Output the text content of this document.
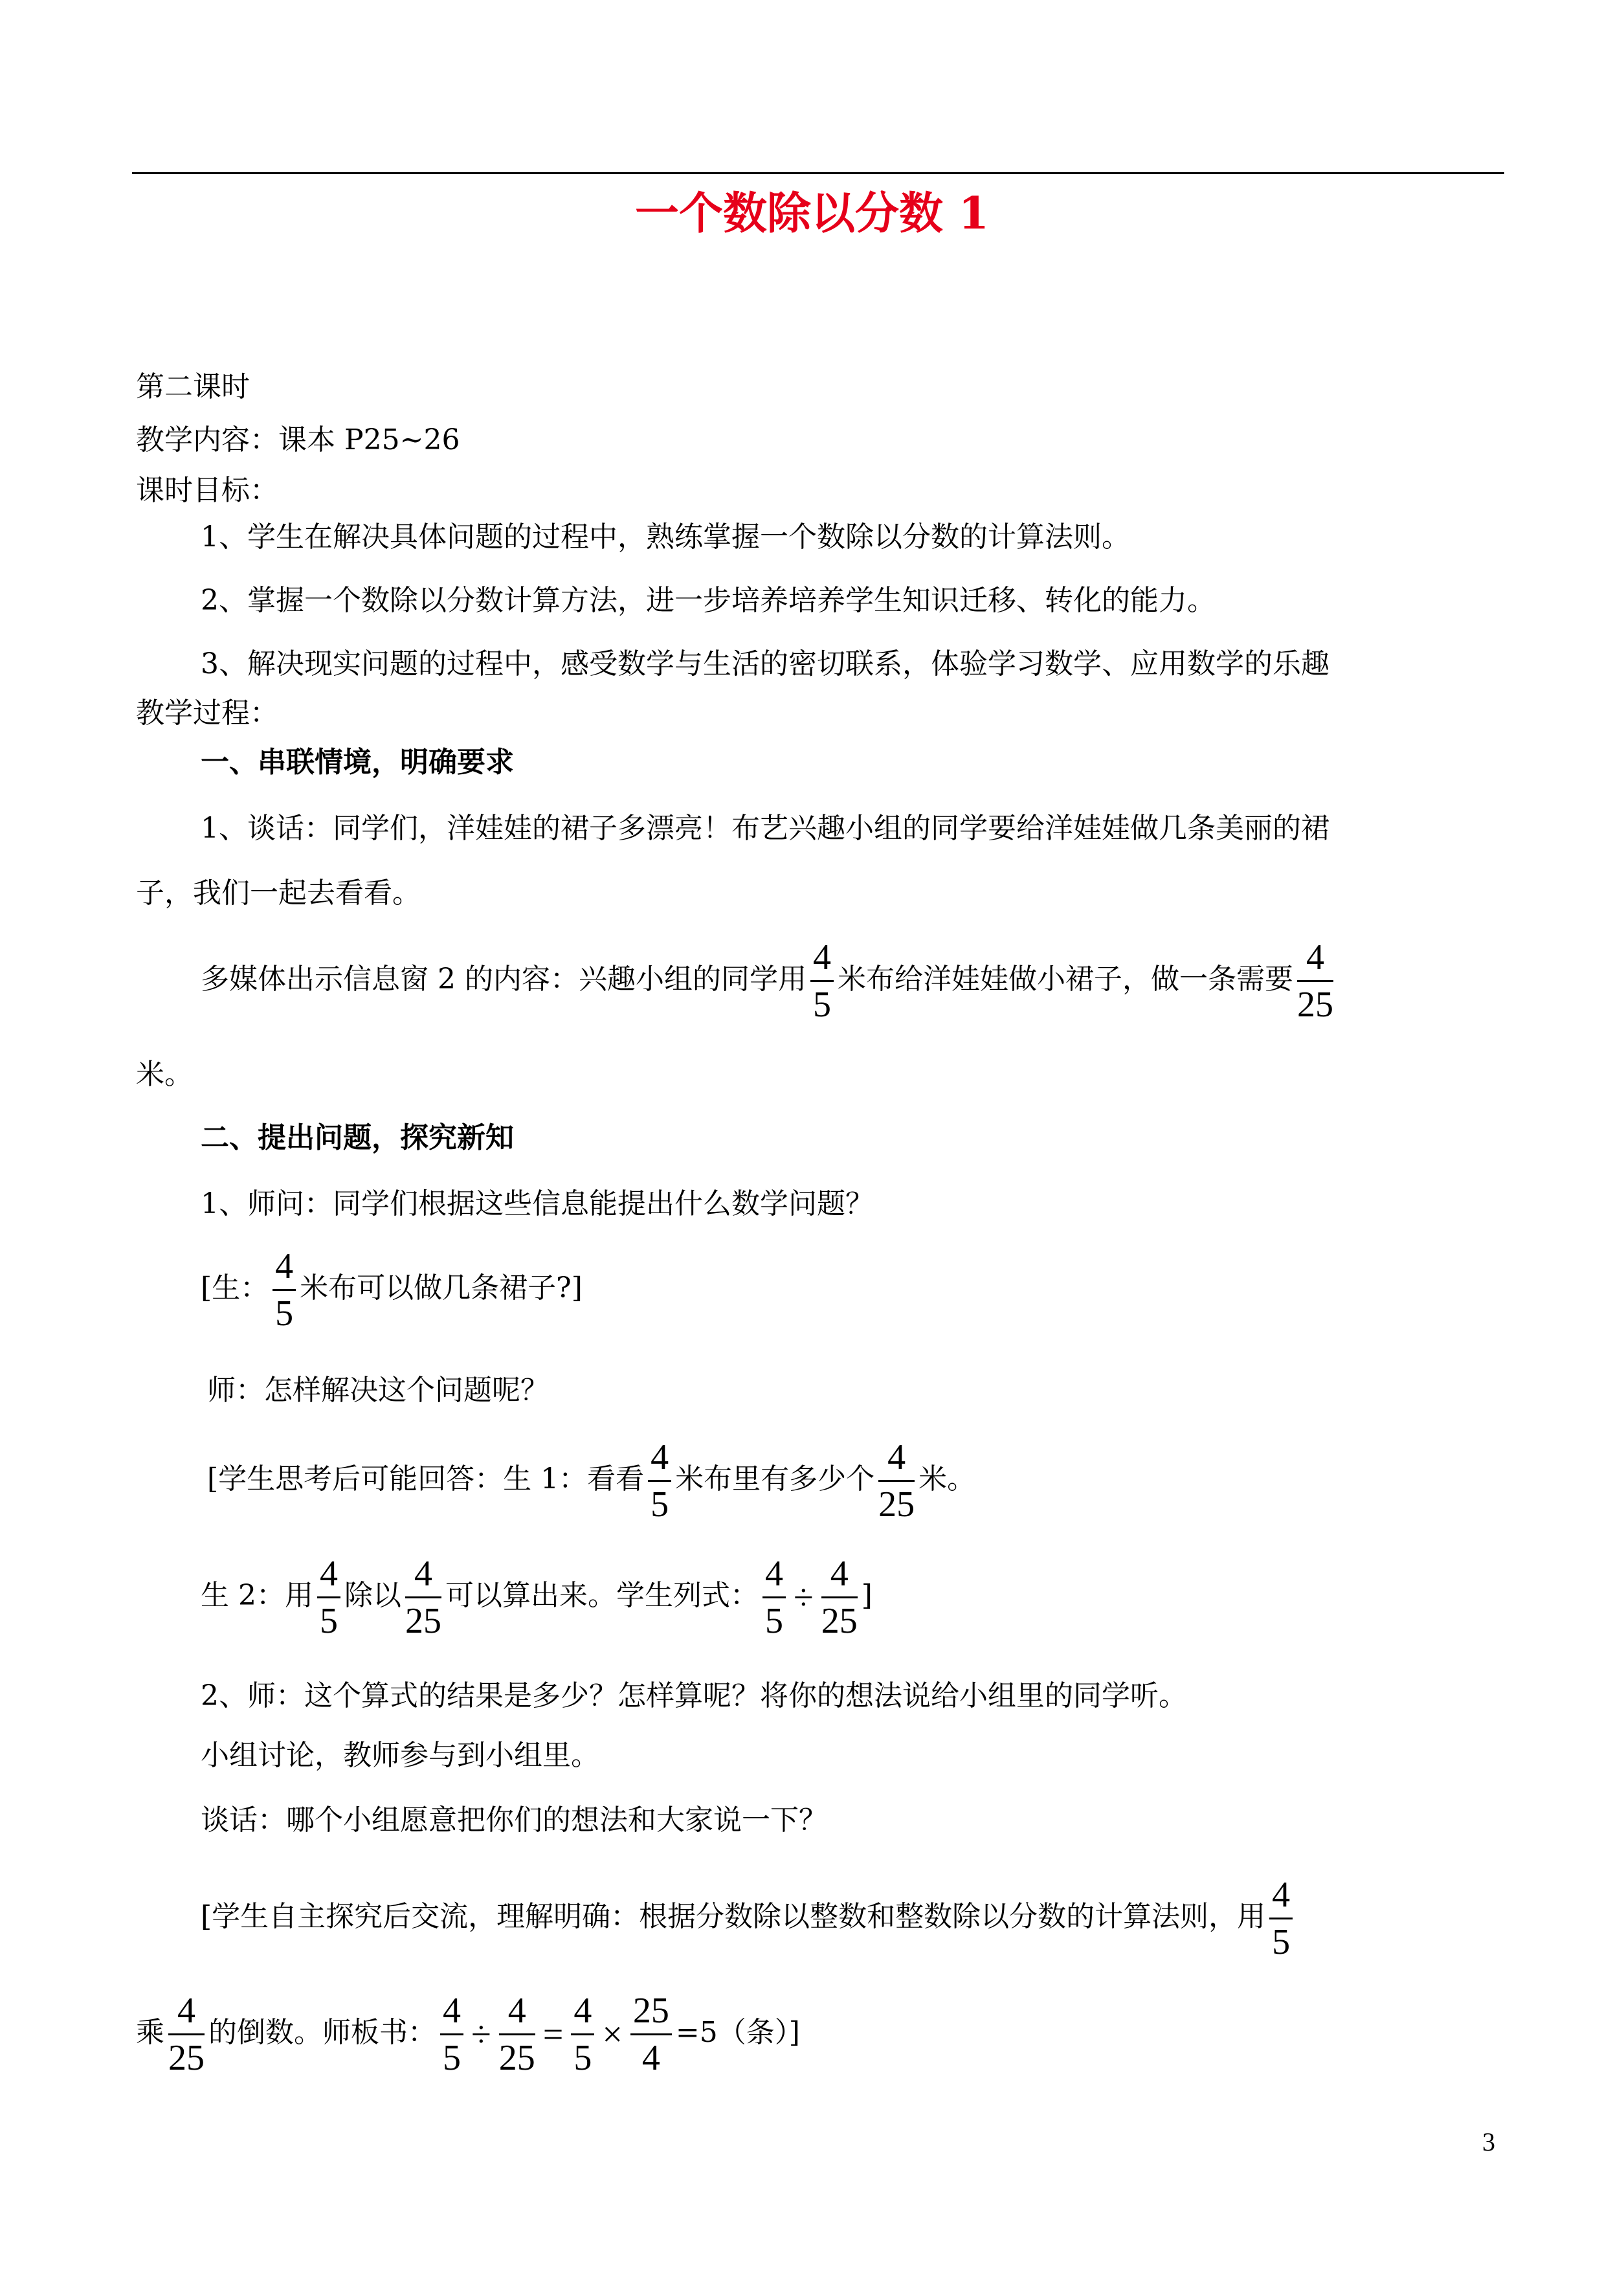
一个数除以分数 1
第二课时
教学内容：课本 P25~26
课时目标：
1、学生在解决具体问题的过程中，熟练掌握一个数除以分数的计算法则。
2、掌握一个数除以分数计算方法，进一步培养培养学生知识迁移、转化的能力。
3、解决现实问题的过程中，感受数学与生活的密切联系，体验学习数学、应用数学的乐趣
教学过程：
一、串联情境，明确要求
1、谈话：同学们，洋娃娃的裙子多漂亮！布艺兴趣小组的同学要给洋娃娃做几条美丽的裙
子，我们一起去看看。
多媒体出示信息窗 2 的内容：兴趣小组的同学用 $\frac{4}{5}$ 米布给洋娃娃做小裙子，做一条需要 $\frac{4}{25}$
米。
二、提出问题，探究新知
1、师问：同学们根据这些信息能提出什么数学问题？
[生： $\frac{4}{5}$ 米布可以做几条裙子?]
师：怎样解决这个问题呢？
[学生思考后可能回答：生 1：看看 $\frac{4}{5}$ 米布里有多少个 $\frac{4}{25}$ 米。
生 2：用 $\frac{4}{5}$ 除以 $\frac{4}{25}$ 可以算出来。学生列式： $\frac{4}{5} \div \frac{4}{25}$ ]
2、师：这个算式的结果是多少？怎样算呢？将你的想法说给小组里的同学听。
小组讨论，教师参与到小组里。
谈话：哪个小组愿意把你们的想法和大家说一下？
[学生自主探究后交流，理解明确：根据分数除以整数和整数除以分数的计算法则，用 $\frac{4}{5}$
乘 $\frac{4}{25}$ 的倒数。师板书： $\frac{4}{5} \div \frac{4}{25} = \frac{4}{5} \times \frac{25}{4} =5$（条）]
3
